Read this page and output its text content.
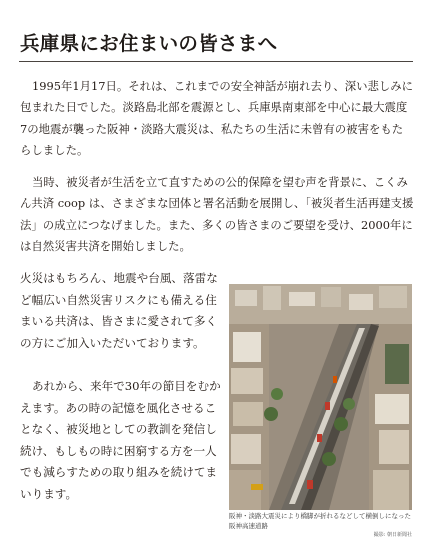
兵庫県にお住まいの皆さまへ

1995年1月17日。それは、これまでの安全神話が崩れ去り、深い悲しみに包まれた日でした。淡路島北部を震源とし、兵庫県南東部を中心に最大震度7の地震が襲った阪神・淡路大震災は、私たちの生活に未曾有の被害をもたらしました。

当時、被災者が生活を立て直すための公的保障を望む声を背景に、こくみん共済 coop は、さまざまな団体と署名活動を展開し、「被災者生活再建支援法」の成立につなげました。また、多くの皆さまのご要望を受け、2000年には自然災害共済を開始しました。

火災はもちろん、地震や台風、落雷など幅広い自然災害リスクにも備える住まいる共済は、皆さまに愛されて多くの方にご加入いただいております。

あれから、来年で30年の節目をむかえます。あの時の記憶を風化させることなく、被災地としての教訓を発信し続け、もしもの時に困窮する方を一人でも減らすための取り組みを続けてまいります。

阪神・淡路大震災により橋脚が折れるなどして横倒しになった阪神高速道路
撮影: 朝日新聞社
